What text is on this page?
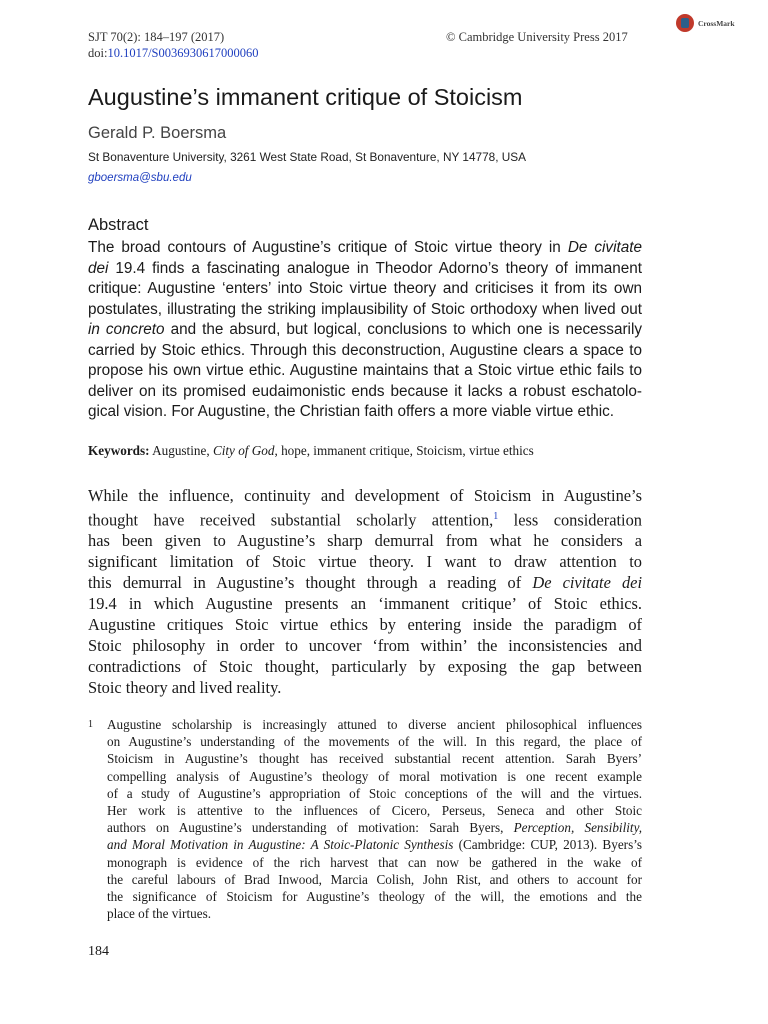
SJT 70(2): 184–197 (2017)
doi:10.1017/S0036930617000060
© Cambridge University Press 2017
CrossMark
Augustine’s immanent critique of Stoicism
Gerald P. Boersma
St Bonaventure University, 3261 West State Road, St Bonaventure, NY 14778, USA
gboersma@sbu.edu
Abstract
The broad contours of Augustine’s critique of Stoic virtue theory in De civitate
dei 19.4 finds a fascinating analogue in Theodor Adorno’s theory of immanent
critique: Augustine ‘enters’ into Stoic virtue theory and criticises it from its own
postulates, illustrating the striking implausibility of Stoic orthodoxy when lived out
in concreto and the absurd, but logical, conclusions to which one is necessarily
carried by Stoic ethics. Through this deconstruction, Augustine clears a space to
propose his own virtue ethic. Augustine maintains that a Stoic virtue ethic fails to
deliver on its promised eudaimonistic ends because it lacks a robust eschatolo-
gical vision. For Augustine, the Christian faith offers a more viable virtue ethic.
Keywords: Augustine, City of God, hope, immanent critique, Stoicism, virtue ethics
While the influence, continuity and development of Stoicism in Augustine’s
thought have received substantial scholarly attention,$^1$ less consideration
has been given to Augustine’s sharp demurral from what he considers a
significant limitation of Stoic virtue theory. I want to draw attention to
this demurral in Augustine’s thought through a reading of De civitate dei
19.4 in which Augustine presents an ‘immanent critique’ of Stoic ethics.
Augustine critiques Stoic virtue ethics by entering inside the paradigm of
Stoic philosophy in order to uncover ‘from within’ the inconsistencies and
contradictions of Stoic thought, particularly by exposing the gap between
Stoic theory and lived reality.
1	Augustine scholarship is increasingly attuned to diverse ancient philosophical influences
on Augustine’s understanding of the movements of the will. In this regard, the place of
Stoicism in Augustine’s thought has received substantial recent attention. Sarah Byers’
compelling analysis of Augustine’s theology of moral motivation is one recent example
of a study of Augustine’s appropriation of Stoic conceptions of the will and the virtues.
Her work is attentive to the influences of Cicero, Perseus, Seneca and other Stoic
authors on Augustine’s understanding of motivation: Sarah Byers, Perception, Sensibility,
and Moral Motivation in Augustine: A Stoic-Platonic Synthesis (Cambridge: CUP, 2013). Byers’s
monograph is evidence of the rich harvest that can now be gathered in the wake of
the careful labours of Brad Inwood, Marcia Colish, John Rist, and others to account for
the significance of Stoicism for Augustine’s theology of the will, the emotions and the
place of the virtues.
184
